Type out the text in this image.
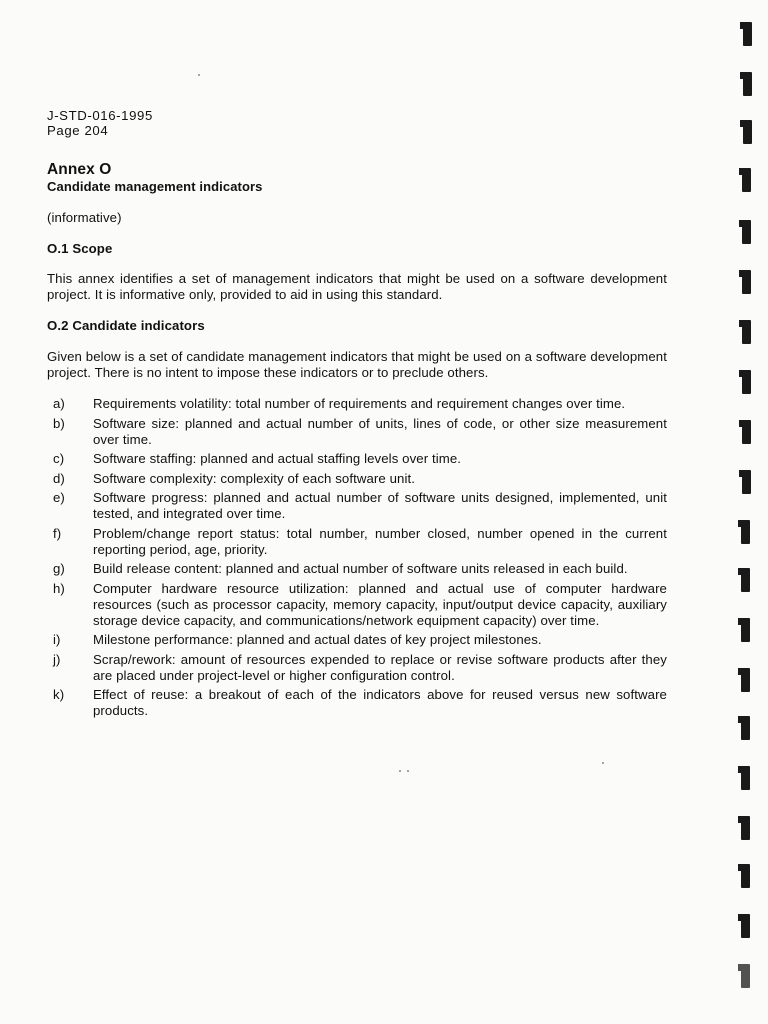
J-STD-016-1995
Page 204
Annex O
Candidate management indicators
(informative)
O.1 Scope
This annex identifies a set of management indicators that might be used on a software development project. It is informative only, provided to aid in using this standard.
O.2 Candidate indicators
Given below is a set of candidate management indicators that might be used on a software development project. There is no intent to impose these indicators or to preclude others.
a)	Requirements volatility: total number of requirements and requirement changes over time.
b)	Software size: planned and actual number of units, lines of code, or other size measurement over time.
c)	Software staffing: planned and actual staffing levels over time.
d)	Software complexity: complexity of each software unit.
e)	Software progress: planned and actual number of software units designed, implemented, unit tested, and integrated over time.
f)	Problem/change report status: total number, number closed, number opened in the current reporting period, age, priority.
g)	Build release content: planned and actual number of software units released in each build.
h)	Computer hardware resource utilization: planned and actual use of computer hardware resources (such as processor capacity, memory capacity, input/output device capacity, auxiliary storage device capacity, and communications/network equipment capacity) over time.
i)	Milestone performance: planned and actual dates of key project milestones.
j)	Scrap/rework: amount of resources expended to replace or revise software products after they are placed under project-level or higher configuration control.
k)	Effect of reuse: a breakout of each of the indicators above for reused versus new software products.
